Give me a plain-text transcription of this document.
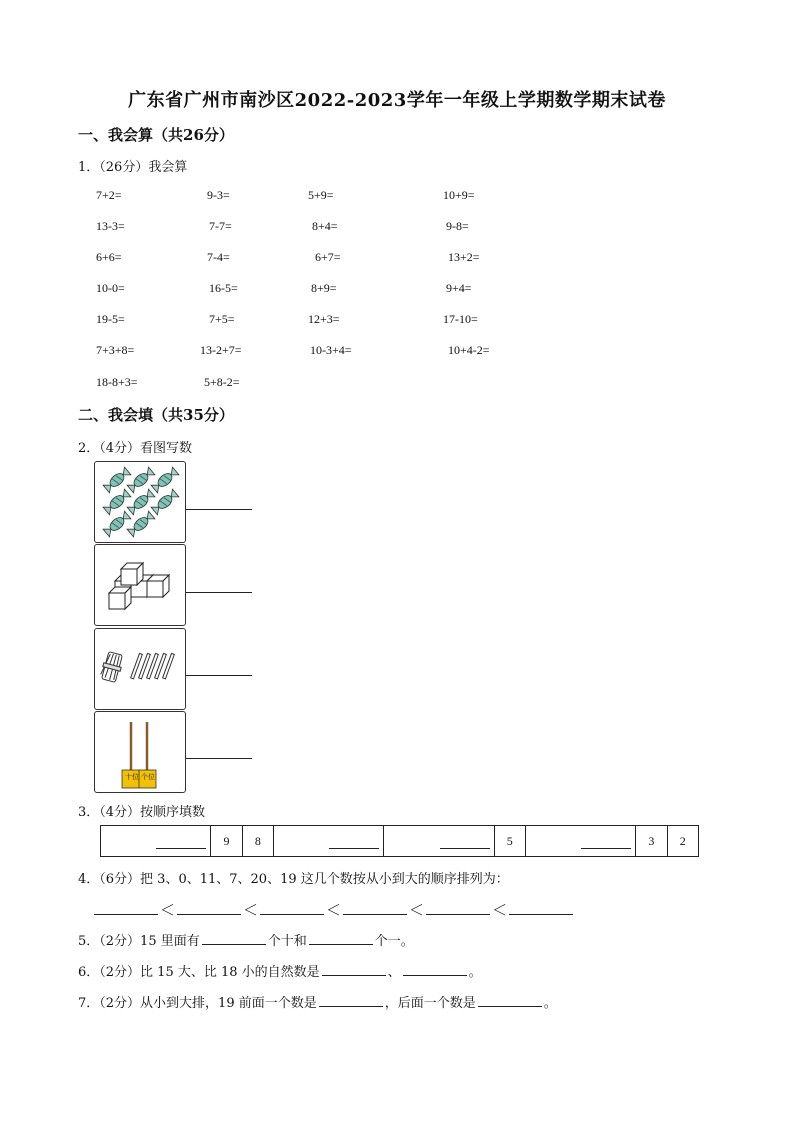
广东省广州市南沙区2022-2023学年一年级上学期数学期末试卷
一、我会算（共26分）
1．（26分）我会算
7+2=	9-3=	5+9=	10+9=
13-3=	7-7=	8+4=	9-8=
6+6=	7-4=	6+7=	13+2=
10-0=	16-5=	8+9=	9+4=
19-5=	7+5=	12+3=	17-10=
7+3+8=	13-2+7=	10-3+4=	10+4-2=
18-8+3=	5+8-2=
二、我会填（共35分）
2．（4分）看图写数
十位 个位
3．（4分）按顺序填数
	9	8			5		3	2
4．（6分）把 3、0、11、7、20、19 这几个数按从小到大的顺序排列为：
＜	＜	＜	＜	＜
5．（2分）15 里面有	个十和	个一。
6．（2分）比 15 大、比 18 小的自然数是	、	。
7．（2分）从小到大排，19 前面一个数是	，后面一个数是	。
